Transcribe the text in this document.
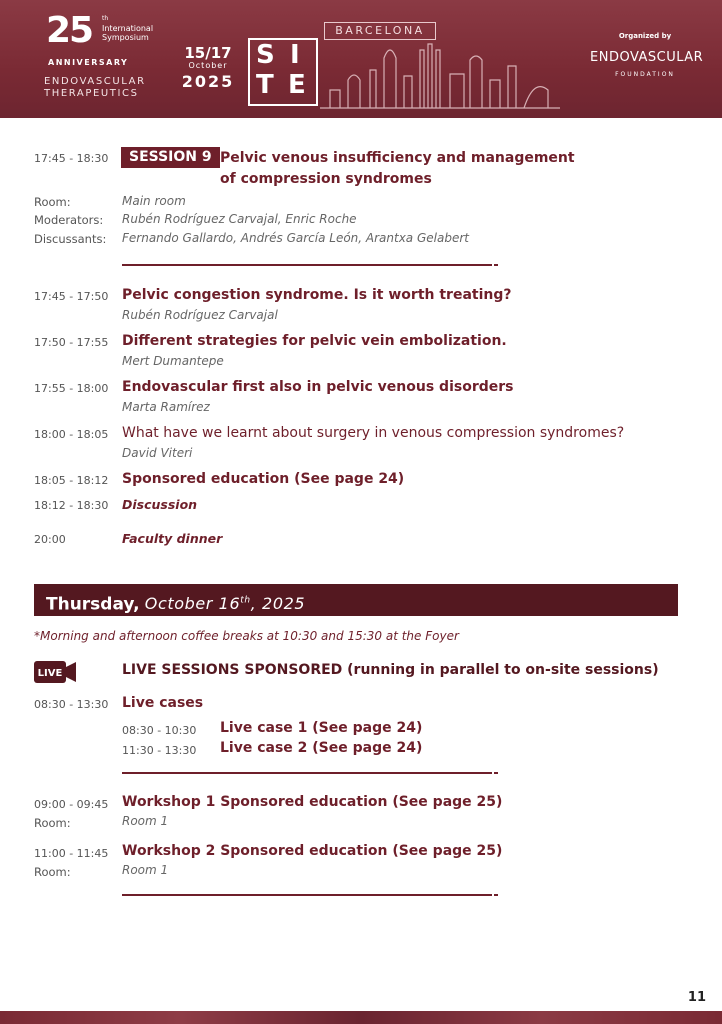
25 th
International
Symposium
ANNIVERSARY
ENDOVASCULAR
THERAPEUTICS
15/17
October
2025
S I
T E
BARCELONA	Organized by
ENDOVASCULAR
FOUNDATION
17:45 - 18:30	SESSION 9 Pelvic venous insufficiency and management
of compression syndromes
Room:	Main room
Moderators: Rubén Rodríguez Carvajal, Enric Roche
Discussants: Fernando Gallardo, Andrés García León, Arantxa Gelabert
17:45 - 17:50 Pelvic congestion syndrome. Is it worth treating?
Rubén Rodríguez Carvajal
17:50 - 17:55 Different strategies for pelvic vein embolization.
Mert Dumantepe
17:55 - 18:00 Endovascular first also in pelvic venous disorders
Marta Ramírez
18:00 - 18:05 What have we learnt about surgery in venous compression syndromes?
David Viteri
18:05 - 18:12 Sponsored education (See page 24)
18:12 - 18:30 Discussion
20:00	Faculty dinner
Thursday, October 16th, 2025
*Morning and afternoon coffee breaks at 10:30 and 15:30 at the Foyer
LIVE	LIVE SESSIONS SPONSORED (running in parallel to on-site sessions)
08:30 - 13:30 Live cases
08:30 - 10:30 Live case 1 (See page 24)
11:30 - 13:30 Live case 2 (See page 24)
09:00 - 09:45 Workshop 1 Sponsored education (See page 25)
Room:	Room 1
11:00 - 11:45 Workshop 2 Sponsored education (See page 25)
Room:	Room 1
11
